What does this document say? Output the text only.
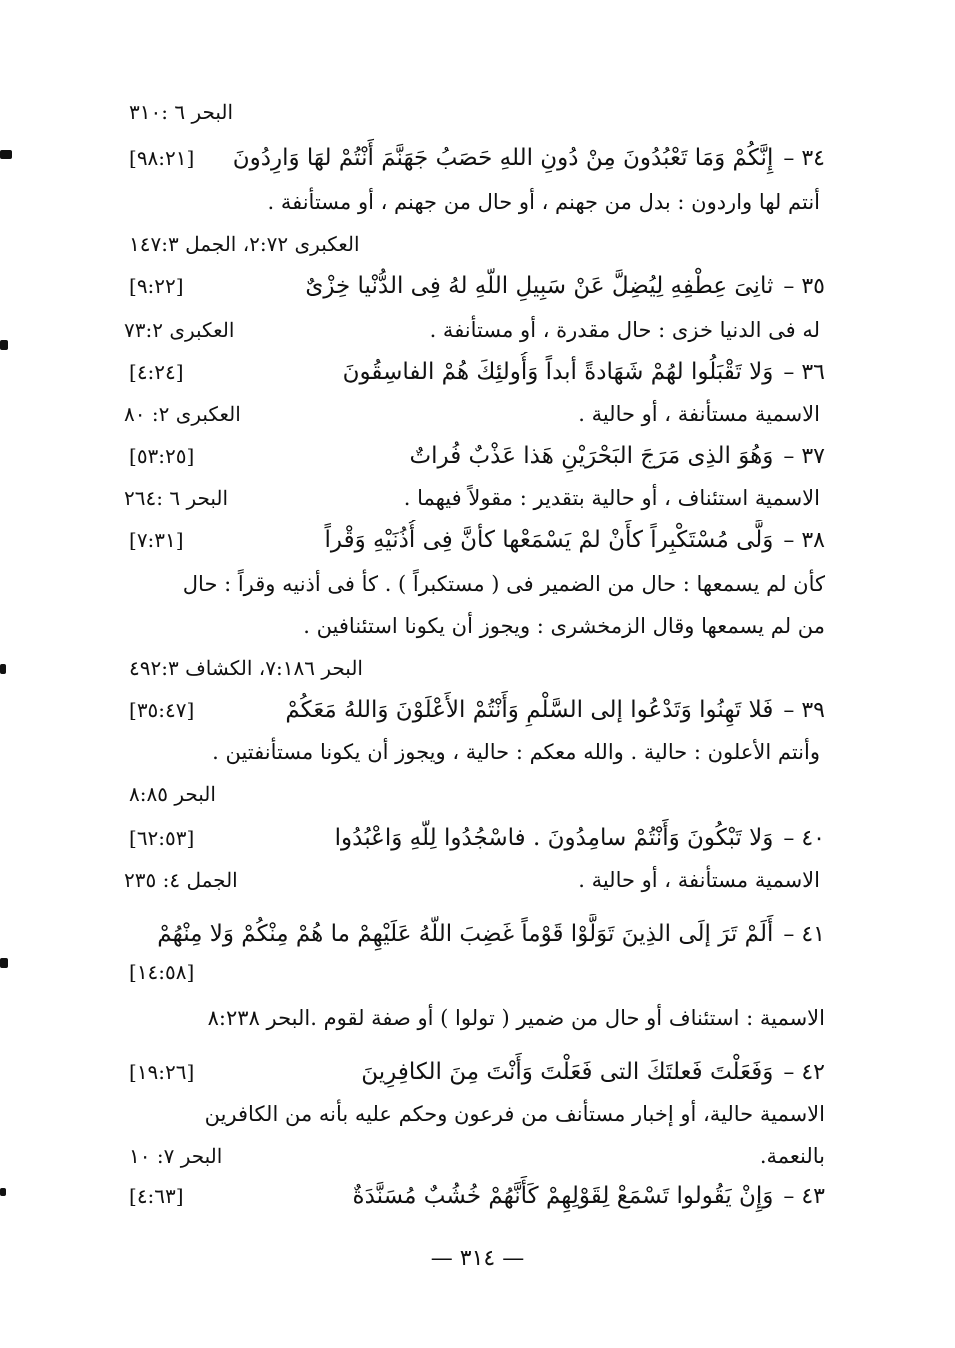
البحر ٦ :٣١٠
٣٤ –
إِنَّكُمْ وَمَا تَعْبُدُونَ مِنْ دُونِ اللهِ حَصَبُ جَهَنَّمَ أَنْتُمْ لهَا وَارِدُونَ
[٩٨:٢١]
أنتم لها واردون : بدل من جهنم ، أو حال من جهنم ، أو مستأنفة .
العكبرى ٢:٧٢، الجمل ١٤٧:٣
٣٥ –
ثانِىَ عِطْفِهِ لِيُضِلَّ عَنْ سَبِيلِ اللّهِ لهُ فِى الدُّنْيا خِزْىٌ
[٩:٢٢]
له فى الدنيا خزى : حال مقدرة ، أو مستأنفة .
العكبرى ٧٣:٢
٣٦ –
وَلا تَقْبَلُوا لهُمْ شَهَادةً أبداً وَأُولئِكَ هُمْ الفاسِقُونَ
[٤:٢٤]
الاسمية مستأنفة ، أو حالية .
العكبرى ٢: ٨٠
٣٧ –
وَهُوَ الذِى مَرَجَ البَحْرَيْنِ هَذا عَذْبٌ فُراتٌ
[٥٣:٢٥]
الاسمية استئناف ، أو حالية بتقدير : مقولاً فيهما .
البحر ٦ :٢٦٤
٣٨ –
وَلَّى مُسْتَكْبِراً كأَنْ لمْ يَسْمَعْها كأنَّ فِى أُذُنَيْهِ وَقْراً
[٧:٣١]
كأن لم يسمعها : حال من الضمير فى ( مستكبراً ) . كأ فى أذنيه وقراً : حال
من لم يسمعها وقال الزمخشرى : ويجوز أن يكونا استئنافين .
البحر ٧:١٨٦، الكشاف ٤٩٢:٣
٣٩ –
فَلا تَهِنُوا وَتَدْعُوا إلى السَّلْمِ وَأَنْتُمْ الأَعْلَوْنَ وَاللهُ مَعَكُمْ
[٣٥:٤٧]
وأنتم الأعلون : حالية . والله معكم : حالية ، ويجوز أن يكونا مستأنفتين .
البحر ٨:٨٥
٤٠ –
وَلا تَبْكُونَ وَأَنْتُمْ سامِدُونَ . فاسْجُدُوا لِلّهِ وَاعْبُدُوا
[٦٢:٥٣]
الاسمية مستأنفة ، أو حالية .
الجمل ٤: ٢٣٥
٤١ –
أَلَمْ تَرَ إلَى الذِينَ تَوَلَّوْا قَوْماً غَضِبَ اللّهُ عَلَيْهِمْ ما هُمْ مِنْكُمْ وَلا مِنْهُمْ
[١٤:٥٨]
الاسمية : استئناف أو حال من ضمير ( تولوا ) أو صفة لقوم .البحر ٨:٢٣٨
٤٢ –
وَفَعَلْتَ فَعلتَكَ التى فَعَلْتَ وَأَنْتَ مِنَ الكافِرِينَ
[١٩:٢٦]
الاسمية حالية، أو إخبار مستأنف من فرعون وحكم عليه بأنه من الكافرين
بالنعمة.
البحر ٧: ١٠
٤٣ –
وَإِنْ يَقُولوا تَسْمَعْ لِقَوْلِهِمْ كَأَنَّهُمْ خُشُبٌ مُسَنَّدَةٌ
[٤:٦٣]
— ٣١٤ —
